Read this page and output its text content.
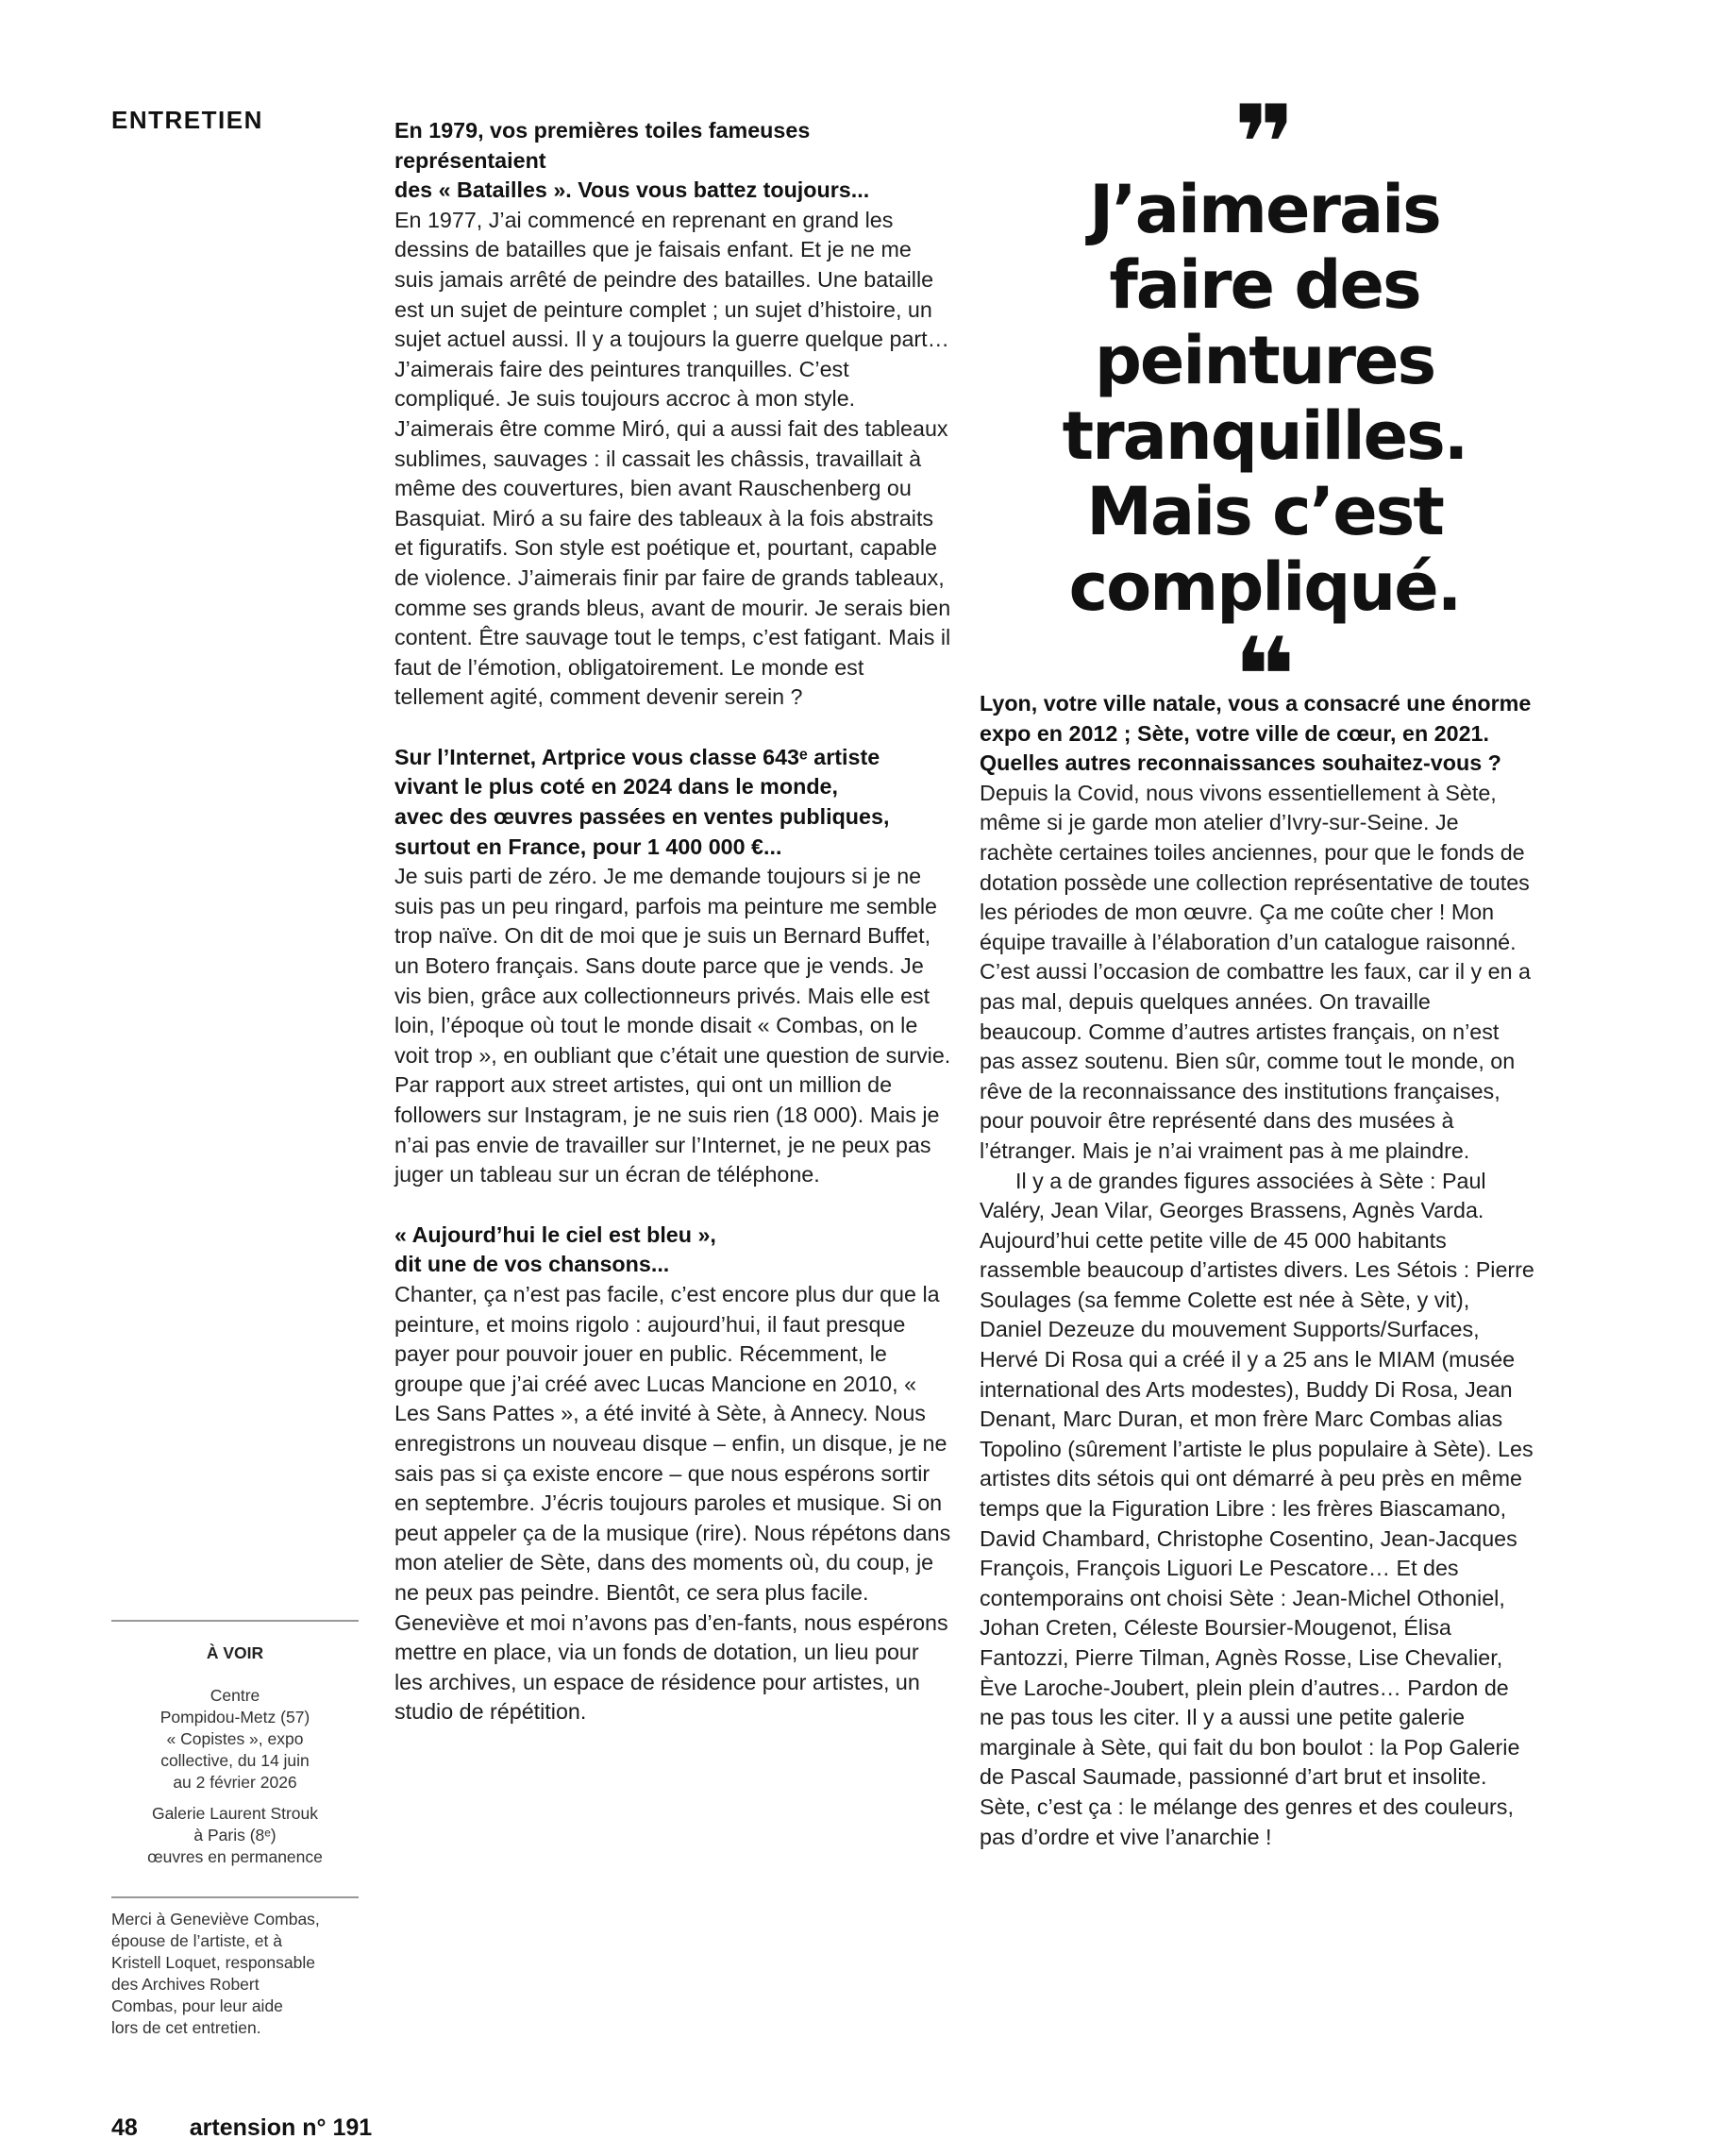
ENTRETIEN	En 1979, vos premières toiles fameuses représentaient
des « Batailles ». Vous vous battez toujours...

En 1977, J’ai commencé en reprenant en grand les dessins de batailles que je faisais enfant. Et je ne me suis jamais arrêté de peindre des batailles. Une bataille est un sujet de peinture complet ; un sujet d’histoire, un sujet actuel aussi. Il y a toujours la guerre quelque part… J’aimerais faire des peintures tranquilles. C’est compliqué. Je suis toujours accroc à mon style. J’aimerais être comme Miró, qui a aussi fait des tableaux sublimes, sauvages : il cassait les châssis, travaillait à même des couvertures, bien avant Rauschenberg ou Basquiat. Miró a su faire des tableaux à la fois abstraits et figuratifs. Son style est poétique et, pourtant, capable de violence. J’aimerais finir par faire de grands tableaux, comme ses grands bleus, avant de mourir. Je serais bien content. Être sauvage tout le temps, c’est fatigant. Mais il faut de l’émotion, obligatoirement. Le monde est tellement agité, comment devenir serein ?

Sur l’Internet, Artprice vous classe 643ᵉ artiste
vivant le plus coté en 2024 dans le monde,
avec des œuvres passées en ventes publiques,
surtout en France, pour 1 400 000 €...

Je suis parti de zéro. Je me demande toujours si je ne suis pas un peu ringard, parfois ma peinture me semble trop naïve. On dit de moi que je suis un Bernard Buffet, un Botero français. Sans doute parce que je vends. Je vis bien, grâce aux collectionneurs privés. Mais elle est loin, l’époque où tout le monde disait « Combas, on le voit trop », en oubliant que c’était une question de survie. Par rapport aux street artistes, qui ont un million de followers sur Instagram, je ne suis rien (18 000). Mais je n’ai pas envie de travailler sur l’Internet, je ne peux pas juger un tableau sur un écran de téléphone.

« Aujourd’hui le ciel est bleu »,
dit une de vos chansons...

Chanter, ça n’est pas facile, c’est encore plus dur que la peinture, et moins rigolo : aujourd’hui, il faut presque payer pour pouvoir jouer en public. Récemment, le groupe que j’ai créé avec Lucas Mancione en 2010, « Les Sans Pattes », a été invité à Sète, à Annecy. Nous enregistrons un nouveau disque – enfin, un disque, je ne sais pas si ça existe encore – que nous espérons sortir en septembre. J’écris toujours paroles et musique. Si on peut appeler ça de la musique (rire). Nous répétons dans mon atelier de Sète, dans des moments où, du coup, je ne peux pas peindre. Bientôt, ce sera plus facile. Geneviève et moi n’avons pas d’en-fants, nous espérons mettre en place, via un fonds de dotation, un lieu pour les archives, un espace de résidence pour artistes, un studio de répétition.

❞
J’aimerais
faire des
peintures
tranquilles.
Mais c’est
compliqué.
❝
Lyon, votre ville natale, vous a consacré une énorme
expo en 2012 ; Sète, votre ville de cœur, en 2021.
Quelles autres reconnaissances souhaitez-vous ?

Depuis la Covid, nous vivons essentiellement à Sète, même si je garde mon atelier d’Ivry-sur-Seine. Je rachète certaines toiles anciennes, pour que le fonds de dotation possède une collection représentative de toutes les périodes de mon œuvre. Ça me coûte cher ! Mon équipe travaille à l’élaboration d’un catalogue raisonné. C’est aussi l’occasion de combattre les faux, car il y en a pas mal, depuis quelques années. On travaille beaucoup. Comme d’autres artistes français, on n’est pas assez soutenu. Bien sûr, comme tout le monde, on rêve de la reconnaissance des institutions françaises, pour pouvoir être représenté dans des musées à l’étranger. Mais je n’ai vraiment pas à me plaindre.

Il y a de grandes figures associées à Sète : Paul Valéry, Jean Vilar, Georges Brassens, Agnès Varda. Aujourd’hui cette petite ville de 45 000 habitants rassemble beaucoup d’artistes divers. Les Sétois : Pierre Soulages (sa femme Colette est née à Sète, y vit), Daniel Dezeuze du mouvement Supports/Surfaces, Hervé Di Rosa qui a créé il y a 25 ans le MIAM (musée international des Arts modestes), Buddy Di Rosa, Jean Denant, Marc Duran, et mon frère Marc Combas alias Topolino (sûrement l’artiste le plus populaire à Sète). Les artistes dits sétois qui ont démarré à peu près en même temps que la Figuration Libre : les frères Biascamano, David Chambard, Christophe Cosentino, Jean-Jacques François, François Liguori Le Pescatore… Et des contemporains ont choisi Sète : Jean-Michel Othoniel, Johan Creten, Céleste Boursier-Mougenot, Élisa Fantozzi, Pierre Tilman, Agnès Rosse, Lise Chevalier, Ève Laroche-Joubert, plein plein d’autres… Pardon de ne pas tous les citer. Il y a aussi une petite galerie marginale à Sète, qui fait du bon boulot : la Pop Galerie de Pascal Saumade, passionné d’art brut et insolite. Sète, c’est ça : le mélange des genres et des couleurs, pas d’ordre et vive l’anarchie !

À VOIR
Centre
Pompidou-Metz (57)
« Copistes », expo
collective, du 14 juin
au 2 février 2026
Galerie Laurent Strouk
à Paris (8ᵉ)
œuvres en permanence
Merci à Geneviève Combas,
épouse de l’artiste, et à
Kristell Loquet, responsable
des Archives Robert
Combas, pour leur aide
lors de cet entretien.
48 artension n° 191
